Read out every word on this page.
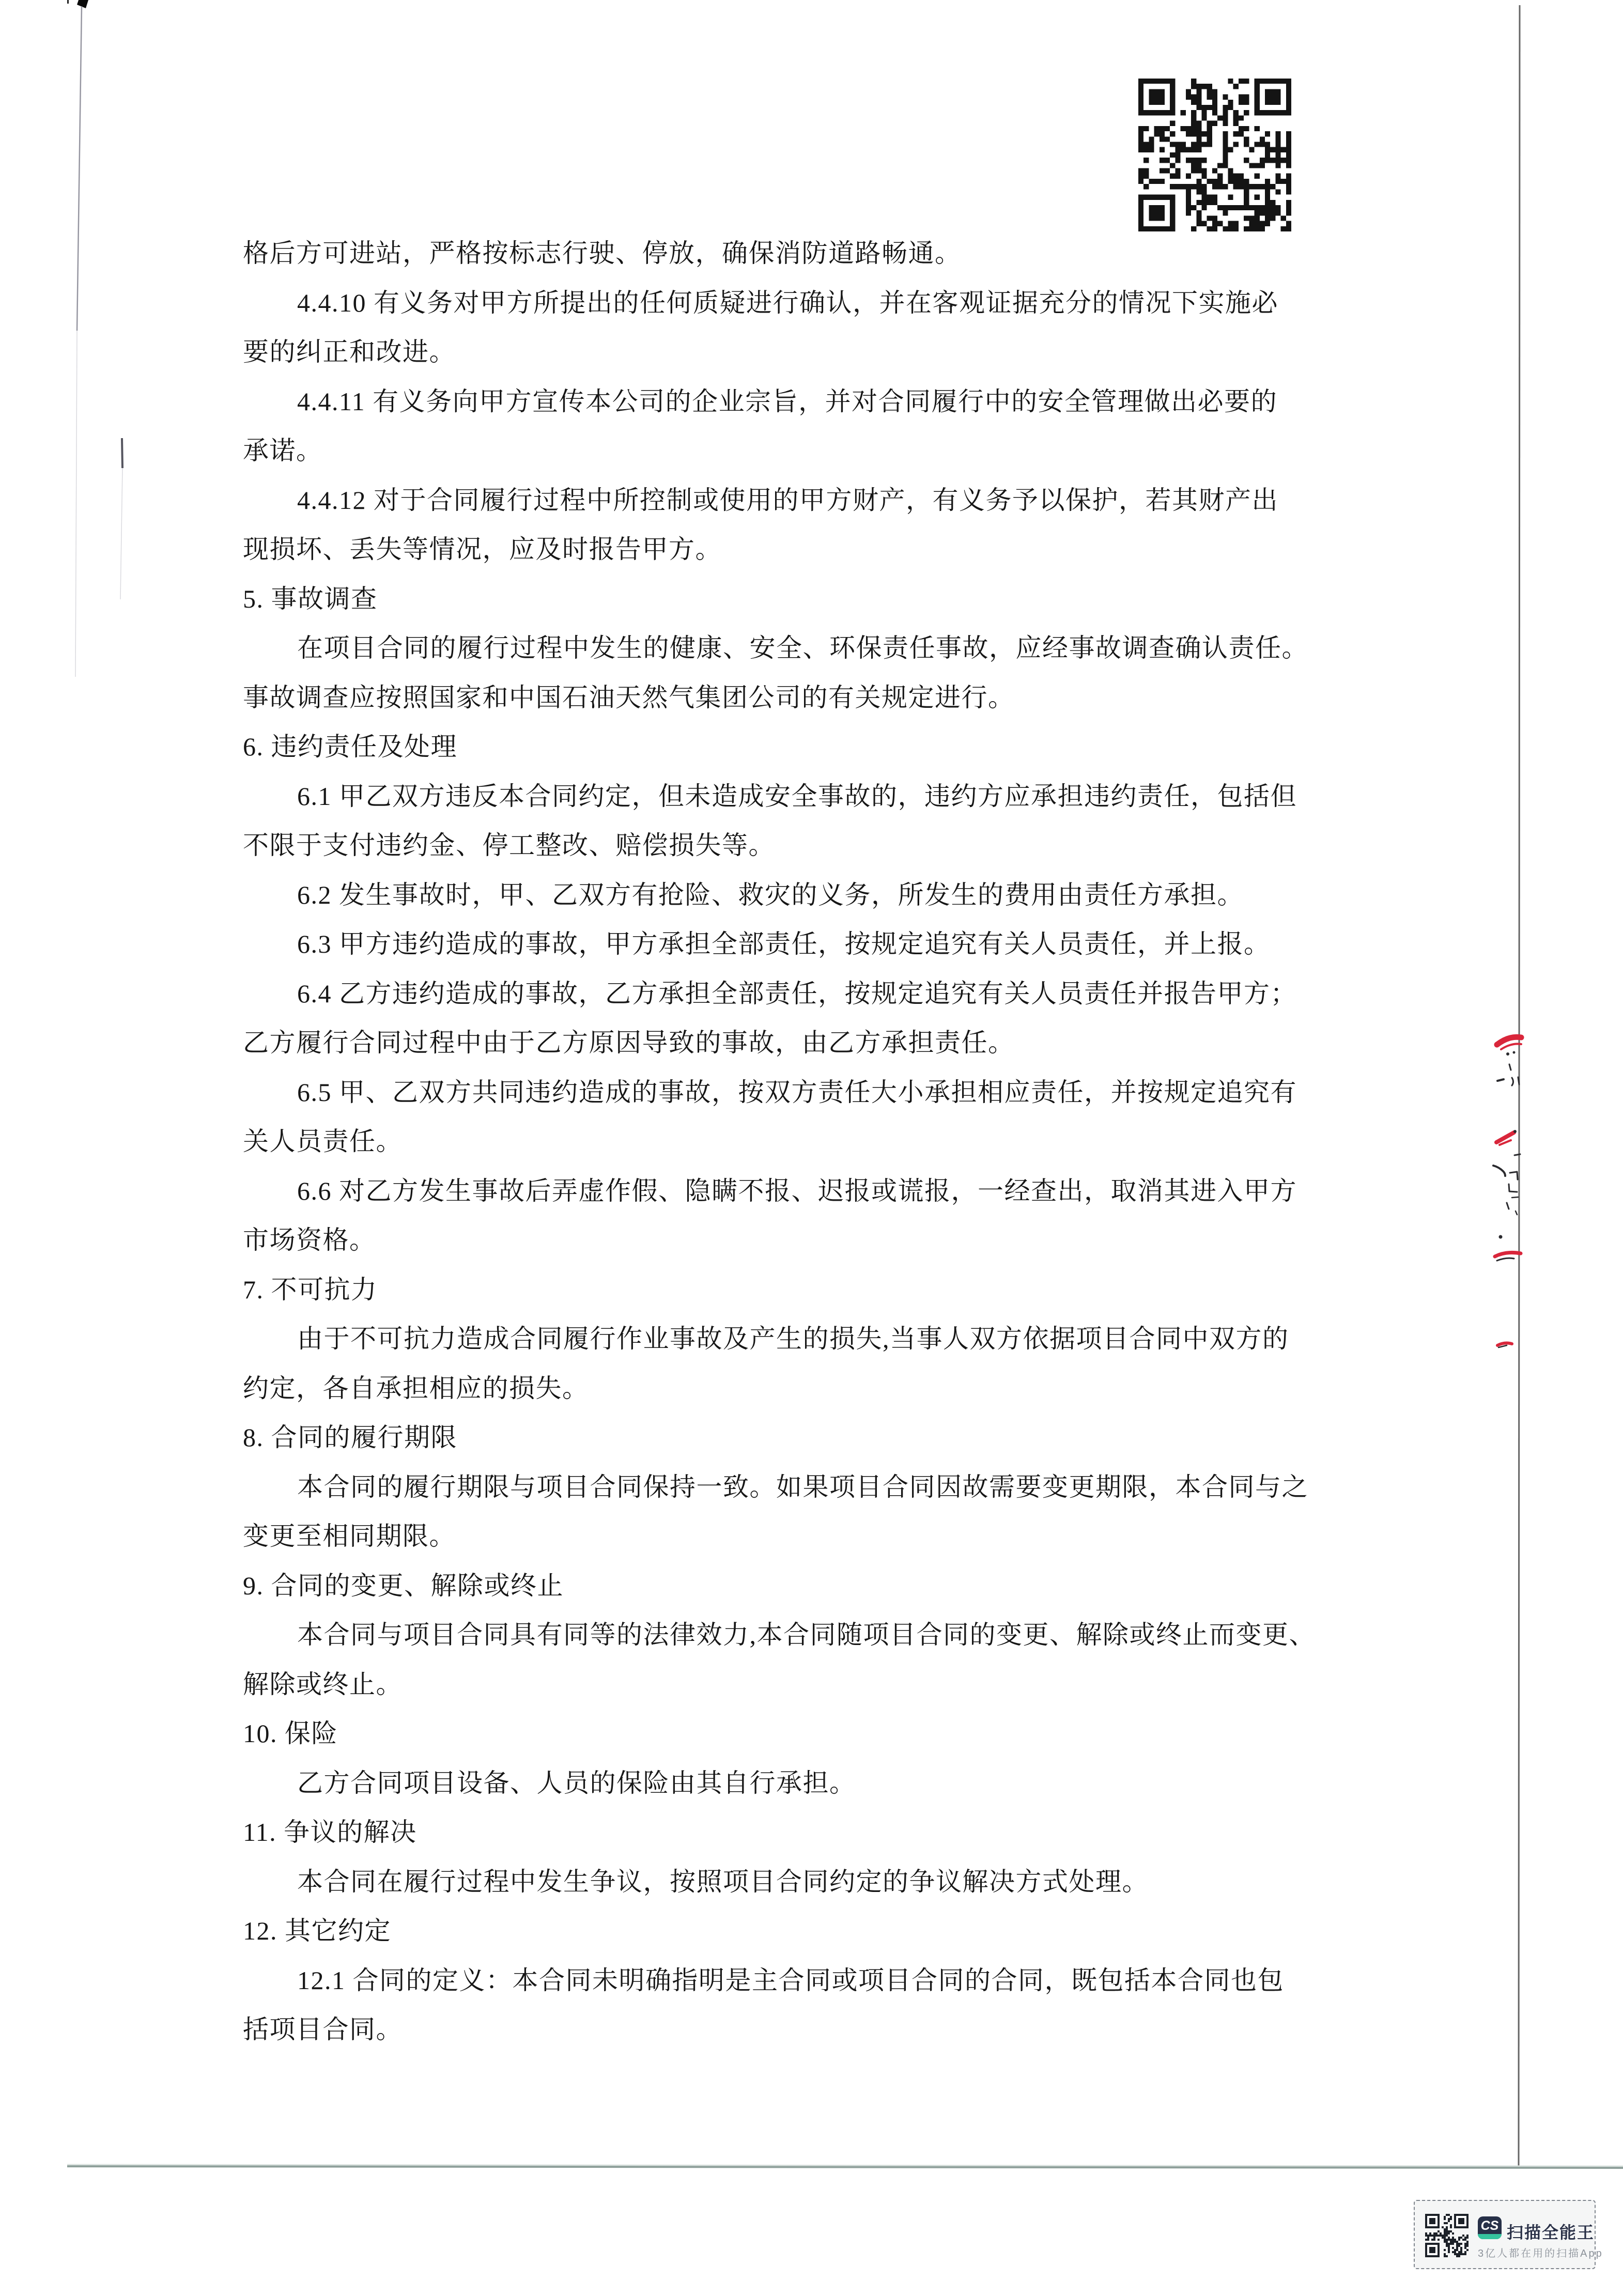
格后方可进站，严格按标志行驶、停放，确保消防道路畅通。
4.4.10 有义务对甲方所提出的任何质疑进行确认，并在客观证据充分的情况下实施必
要的纠正和改进。
4.4.11 有义务向甲方宣传本公司的企业宗旨，并对合同履行中的安全管理做出必要的
承诺。
4.4.12 对于合同履行过程中所控制或使用的甲方财产，有义务予以保护，若其财产出
现损坏、丢失等情况，应及时报告甲方。
5. 事故调查
在项目合同的履行过程中发生的健康、安全、环保责任事故，应经事故调查确认责任。
事故调查应按照国家和中国石油天然气集团公司的有关规定进行。
6. 违约责任及处理
6.1 甲乙双方违反本合同约定，但未造成安全事故的，违约方应承担违约责任，包括但
不限于支付违约金、停工整改、赔偿损失等。
6.2 发生事故时，甲、乙双方有抢险、救灾的义务，所发生的费用由责任方承担。
6.3 甲方违约造成的事故，甲方承担全部责任，按规定追究有关人员责任，并上报。
6.4 乙方违约造成的事故，乙方承担全部责任，按规定追究有关人员责任并报告甲方；
乙方履行合同过程中由于乙方原因导致的事故，由乙方承担责任。
6.5 甲、乙双方共同违约造成的事故，按双方责任大小承担相应责任，并按规定追究有
关人员责任。
6.6 对乙方发生事故后弄虚作假、隐瞒不报、迟报或谎报，一经查出，取消其进入甲方
市场资格。
7. 不可抗力
由于不可抗力造成合同履行作业事故及产生的损失,当事人双方依据项目合同中双方的
约定，各自承担相应的损失。
8. 合同的履行期限
本合同的履行期限与项目合同保持一致。如果项目合同因故需要变更期限，本合同与之
变更至相同期限。
9. 合同的变更、解除或终止
本合同与项目合同具有同等的法律效力,本合同随项目合同的变更、解除或终止而变更、
解除或终止。
10. 保险
乙方合同项目设备、人员的保险由其自行承担。
11. 争议的解决
本合同在履行过程中发生争议，按照项目合同约定的争议解决方式处理。
12. 其它约定
12.1 合同的定义：本合同未明确指明是主合同或项目合同的合同，既包括本合同也包
括项目合同。
CS 扫描全能王
3亿人都在用的扫描App
